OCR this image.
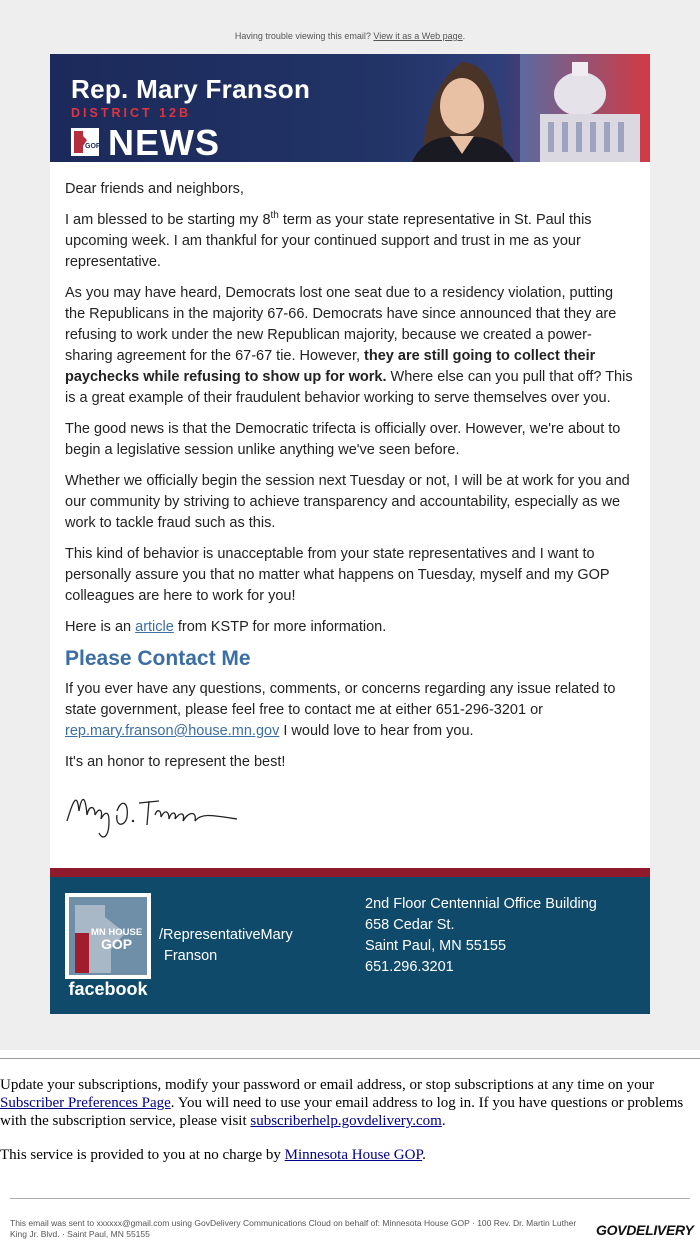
Having trouble viewing this email? View it as a Web page.
Rep. Mary Franson
DISTRICT 12B
GOP NEWS

Dear friends and neighbors,

I am blessed to be starting my 8th term as your state representative in St. Paul this upcoming week. I am thankful for your continued support and trust in me as your representative.

As you may have heard, Democrats lost one seat due to a residency violation, putting the Republicans in the majority 67-66. Democrats have since announced that they are refusing to work under the new Republican majority, because we created a power-sharing agreement for the 67-67 tie. However, they are still going to collect their paychecks while refusing to show up for work. Where else can you pull that off? This is a great example of their fraudulent behavior working to serve themselves over you.

The good news is that the Democratic trifecta is officially over. However, we're about to begin a legislative session unlike anything we've seen before.

Whether we officially begin the session next Tuesday or not, I will be at work for you and our community by striving to achieve transparency and accountability, especially as we work to tackle fraud such as this.

This kind of behavior is unacceptable from your state representatives and I want to personally assure you that no matter what happens on Tuesday, myself and my GOP colleagues are here to work for you!

Here is an article from KSTP for more information.

Please Contact Me

If you ever have any questions, comments, or concerns regarding any issue related to state government, please feel free to contact me at either 651-296-3201 or rep.mary.franson@house.mn.gov I would love to hear from you.

It's an honor to represent the best!

MN HOUSE
GOP
facebook
/RepresentativeMary
Franson
2nd Floor Centennial Office Building
658 Cedar St.
Saint Paul, MN 55155
651.296.3201

Update your subscriptions, modify your password or email address, or stop subscriptions at any time on your Subscriber Preferences Page. You will need to use your email address to log in. If you have questions or problems with the subscription service, please visit subscriberhelp.govdelivery.com.

This service is provided to you at no charge by Minnesota House GOP.

This email was sent to xxxxxx@gmail.com using GovDelivery Communications Cloud on behalf of: Minnesota House GOP · 100 Rev. Dr. Martin Luther King Jr. Blvd. · Saint Paul, MN 55155	GOVDELIVERY
